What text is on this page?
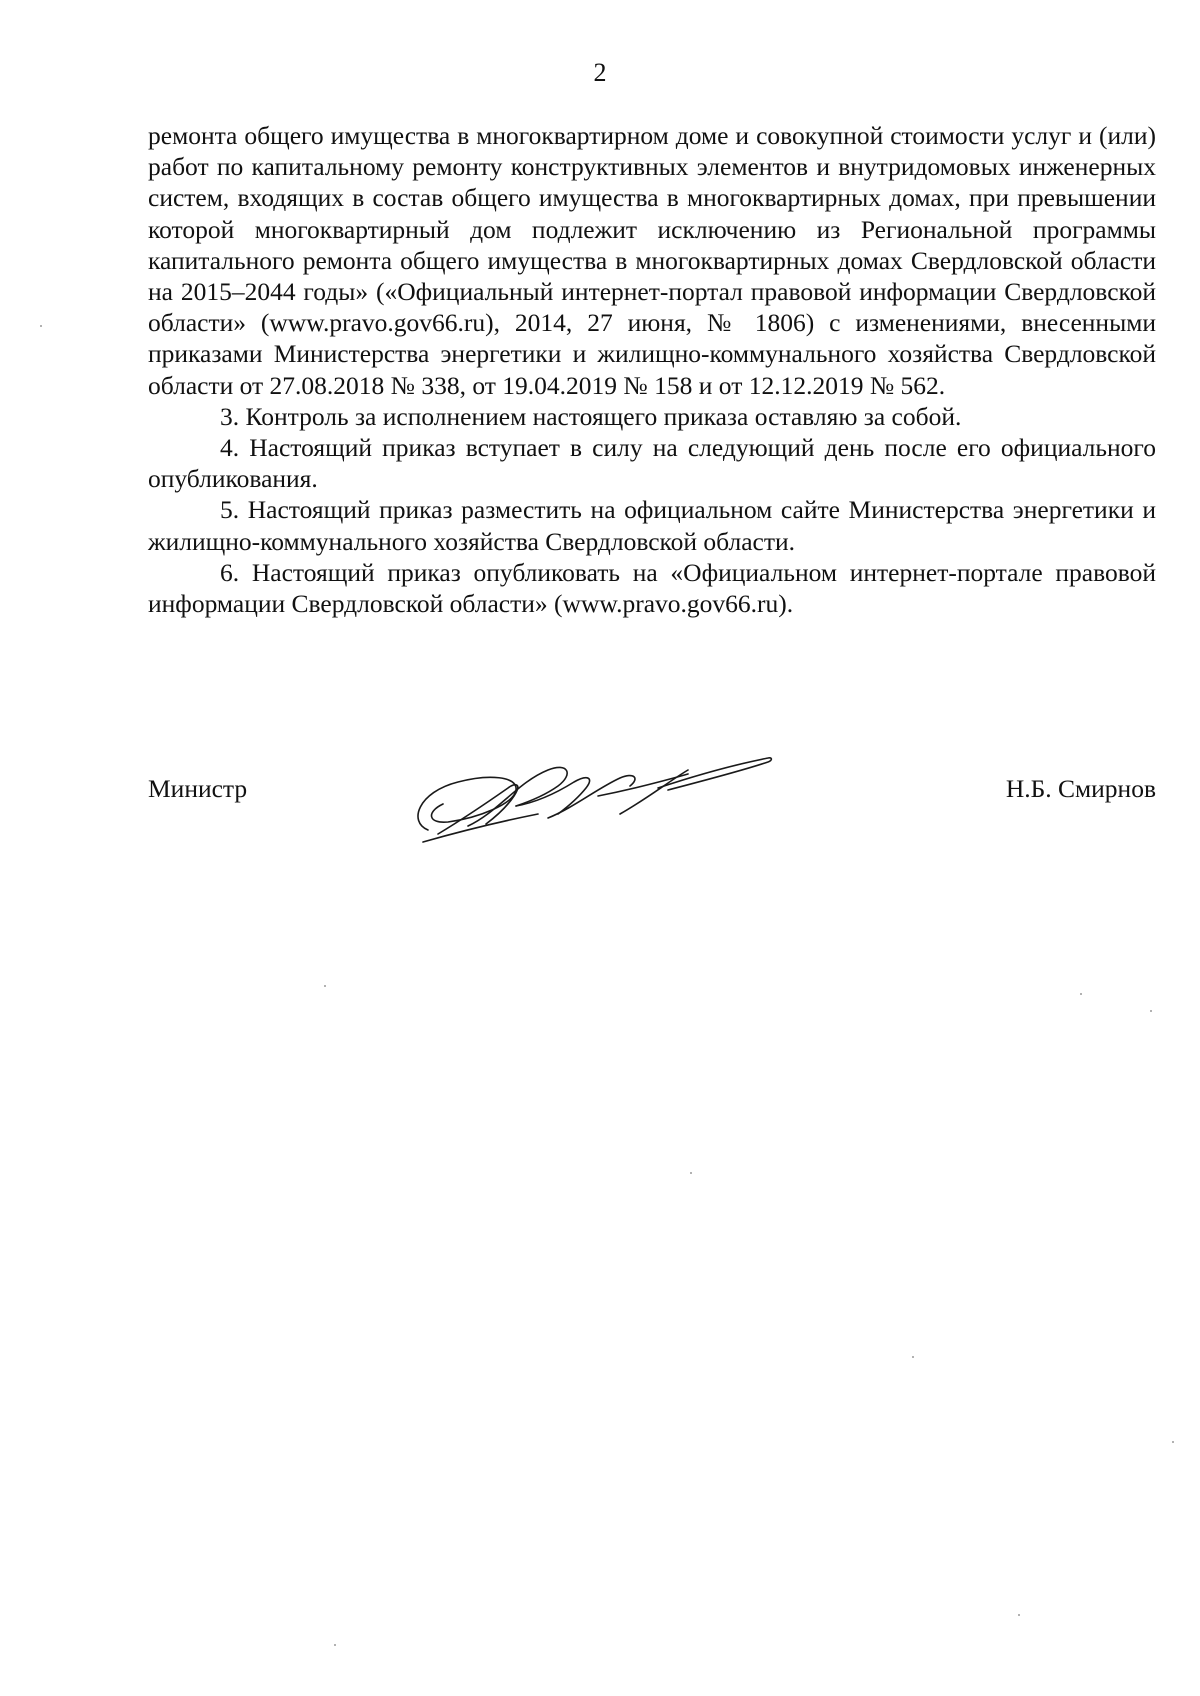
2

ремонта общего имущества в многоквартирном доме и совокупной стоимости услуг и (или) работ по капитальному ремонту конструктивных элементов и внутридомовых инженерных систем, входящих в состав общего имущества в многоквартирных домах, при превышении которой многоквартирный дом подлежит исключению из Региональной программы капитального ремонта общего имущества в многоквартирных домах Свердловской области на 2015–2044 годы» («Официальный интернет-портал правовой информации Свердловской области» (www.pravo.gov66.ru), 2014, 27 июня, № 1806) с изменениями, внесенными приказами Министерства энергетики и жилищно-коммунального хозяйства Свердловской области от 27.08.2018 № 338, от 19.04.2019 № 158 и от 12.12.2019 № 562.

3. Контроль за исполнением настоящего приказа оставляю за собой.

4. Настоящий приказ вступает в силу на следующий день после его официального опубликования.

5. Настоящий приказ разместить на официальном сайте Министерства энергетики и жилищно-коммунального хозяйства Свердловской области.

6. Настоящий приказ опубликовать на «Официальном интернет-портале правовой информации Свердловской области» (www.pravo.gov66.ru).

Министр	Н.Б. Смирнов
